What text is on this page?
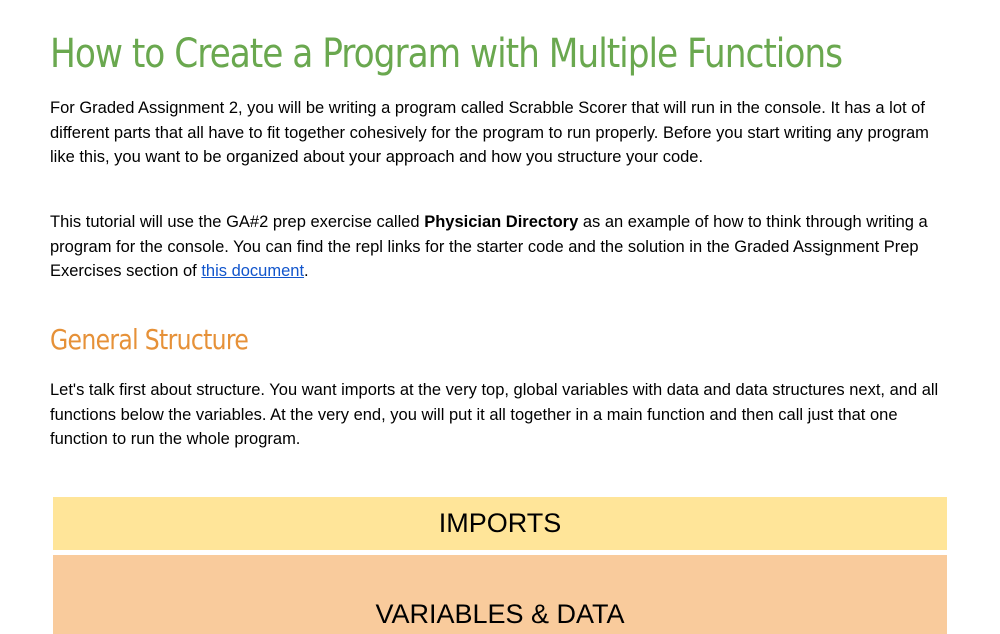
How to Create a Program with Multiple Functions

For Graded Assignment 2, you will be writing a program called Scrabble Scorer that will run in the console. It has a lot of different parts that all have to fit together cohesively for the program to run properly. Before you start writing any program like this, you want to be organized about your approach and how you structure your code.

This tutorial will use the GA#2 prep exercise called Physician Directory as an example of how to think through writing a program for the console. You can find the repl links for the starter code and the solution in the Graded Assignment Prep Exercises section of this document.

General Structure

Let's talk first about structure. You want imports at the very top, global variables with data and data structures next, and all functions below the variables. At the very end, you will put it all together in a main function and then call just that one function to run the whole program.

IMPORTS
VARIABLES & DATA
